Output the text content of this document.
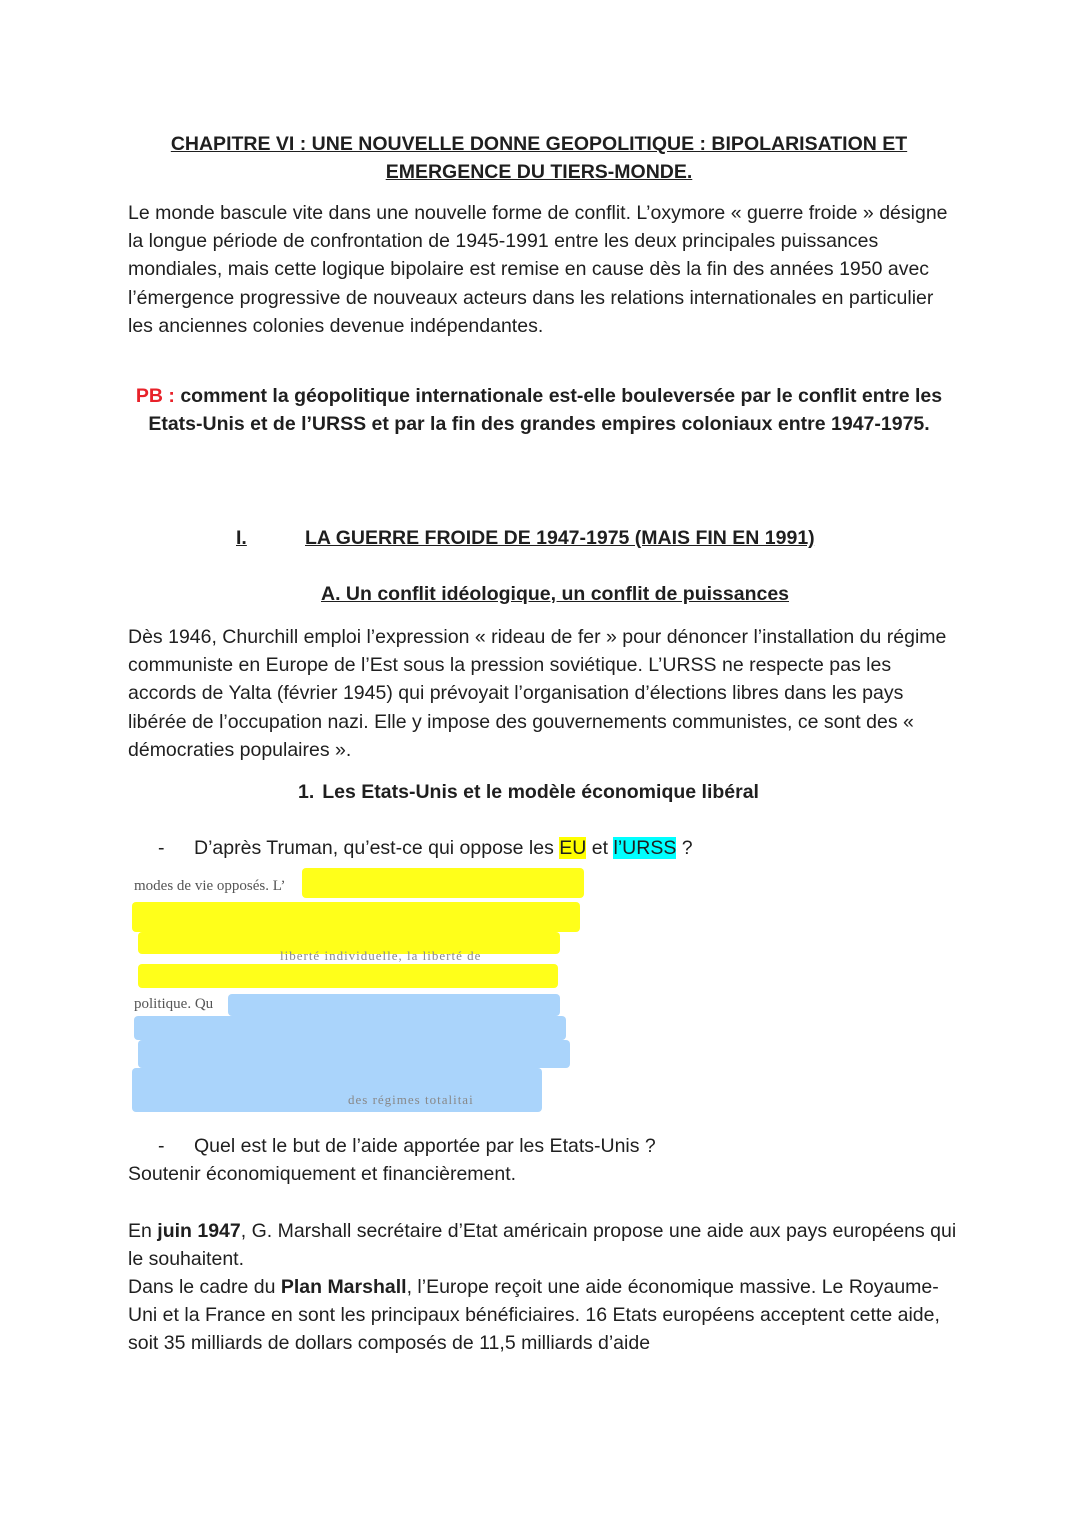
CHAPITRE VI : UNE NOUVELLE DONNE GEOPOLITIQUE : BIPOLARISATION ET EMERGENCE DU TIERS-MONDE.

Le monde bascule vite dans une nouvelle forme de conflit. L’oxymore « guerre froide » désigne la longue période de confrontation de 1945-1991 entre les deux principales puissances mondiales, mais cette logique bipolaire est remise en cause dès la fin des années 1950 avec l’émergence progressive de nouveaux acteurs dans les relations internationales en particulier les anciennes colonies devenue indépendantes.

PB : comment la géopolitique internationale est-elle bouleversée par le conflit entre les Etats-Unis et de l’URSS et par la fin des grandes empires coloniaux entre 1947-1975.

I.	LA GUERRE FROIDE DE 1947-1975 (MAIS FIN EN 1991)
A. Un conflit idéologique, un conflit de puissances

Dès 1946, Churchill emploi l’expression « rideau de fer » pour dénoncer l’installation du régime communiste en Europe de l’Est sous la pression soviétique. L’URSS ne respecte pas les accords de Yalta (février 1945) qui prévoyait l’organisation d’élections libres dans les pays libérée de l’occupation nazi. Elle y impose des gouvernements communistes, ce sont des « démocraties populaires ».

1. Les Etats-Unis et le modèle économique libéral

- D’après Truman, qu’est-ce qui oppose les EU et l’URSS ?

modes de vie opposés. L’
liberté individuelle, la liberté de
politique. Qu
des régimes totalitai

- Quel est le but de l’aide apportée par les Etats-Unis ?

Soutenir économiquement et financièrement.

En juin 1947, G. Marshall secrétaire d’Etat américain propose une aide aux pays européens qui le souhaitent.

Dans le cadre du Plan Marshall, l’Europe reçoit une aide économique massive. Le Royaume-Uni et la France en sont les principaux bénéficiaires. 16 Etats européens acceptent cette aide, soit 35 milliards de dollars composés de 11,5 milliards d’aide
